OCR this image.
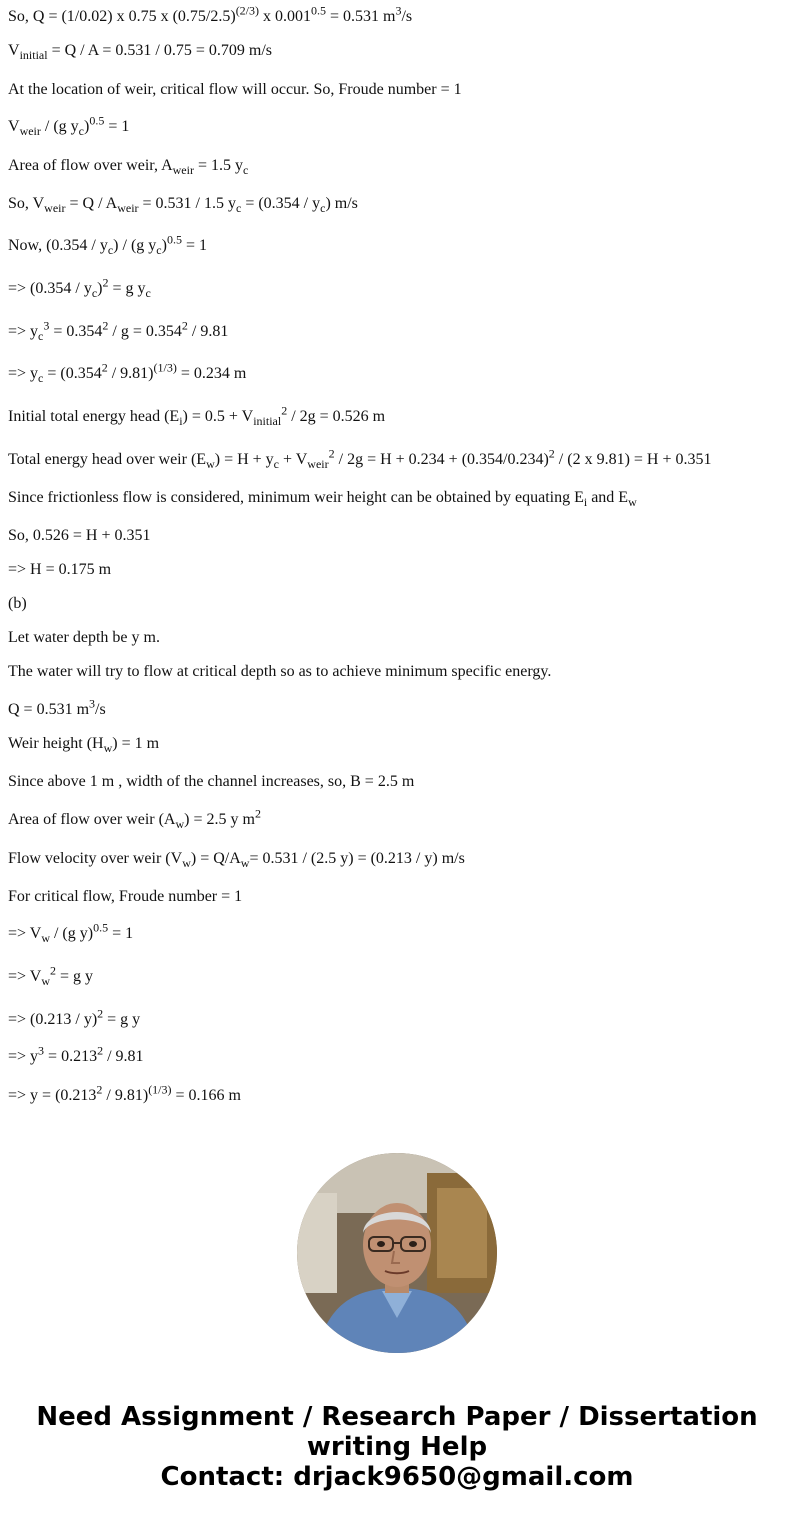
So, Q = (1/0.02) x 0.75 x $(0.75/2.5)^{(2/3)}$ x $0.001^{0.5} = 0.531$ $m^3/s$
$V_{initial} = Q / A = 0.531 / 0.75 = 0.709$ m/s
At the location of weir, critical flow will occur. So, Froude number = 1
$V_{weir} / (g$ $y_c)^{0.5} = 1$
Area of flow over weir, $A_{weir} = 1.5$ $y_c$
So, $V_{weir} = Q / A_{weir} = 0.531 / 1.5$ $y_c = (0.354 / y_c)$ m/s
Now, $(0.354 / y_c) / (g$ $y_c)^{0.5} = 1$
=> $(0.354 / y_c)^2 = g$ $y_c$
=> $y_c^3 = 0.354^2 / g = 0.354^2 / 9.81$
=> $y_c = (0.354^2 / 9.81)^{(1/3)} = 0.234$ m
Initial total energy head $(E_i) = 0.5 + V_{initial}^2 / 2g = 0.526$ m
Total energy head over weir $(E_w) = H + y_c + V_{weir}^2 / 2g = H + 0.234 + (0.354/0.234)^2 / (2$ x 9.81) = H + 0.351
Since frictionless flow is considered, minimum weir height can be obtained by equating $E_i$ and $E_w$
So, 0.526 = H + 0.351
=> H = 0.175 m
(b)
Let water depth be y m.
The water will try to flow at critical depth so as to achieve minimum specific energy.
Q = 0.531 $m^3/s$
Weir height $(H_w) = 1$ m
Since above 1 m , width of the channel increases, so, B = 2.5 m
Area of flow over weir $(A_w) = 2.5$ y $m^2$
Flow velocity over weir $(V_w) = Q/A_w= 0.531 / (2.5$ y) = (0.213 / y) m/s
For critical flow, Froude number = 1
=> $V_w / (g$ y)$^{0.5}$ = 1
=> $V_w^2 = g$ y
=> (0.213 / y)$^2$ = g y
=> $y^3 = 0.213^2 / 9.81$
=> $y = (0.213^2 / 9.81)^{(1/3)} = 0.166$ m
Need Assignment / Research Paper / Dissertation
writing Help
Contact: drjack9650@gmail.com
